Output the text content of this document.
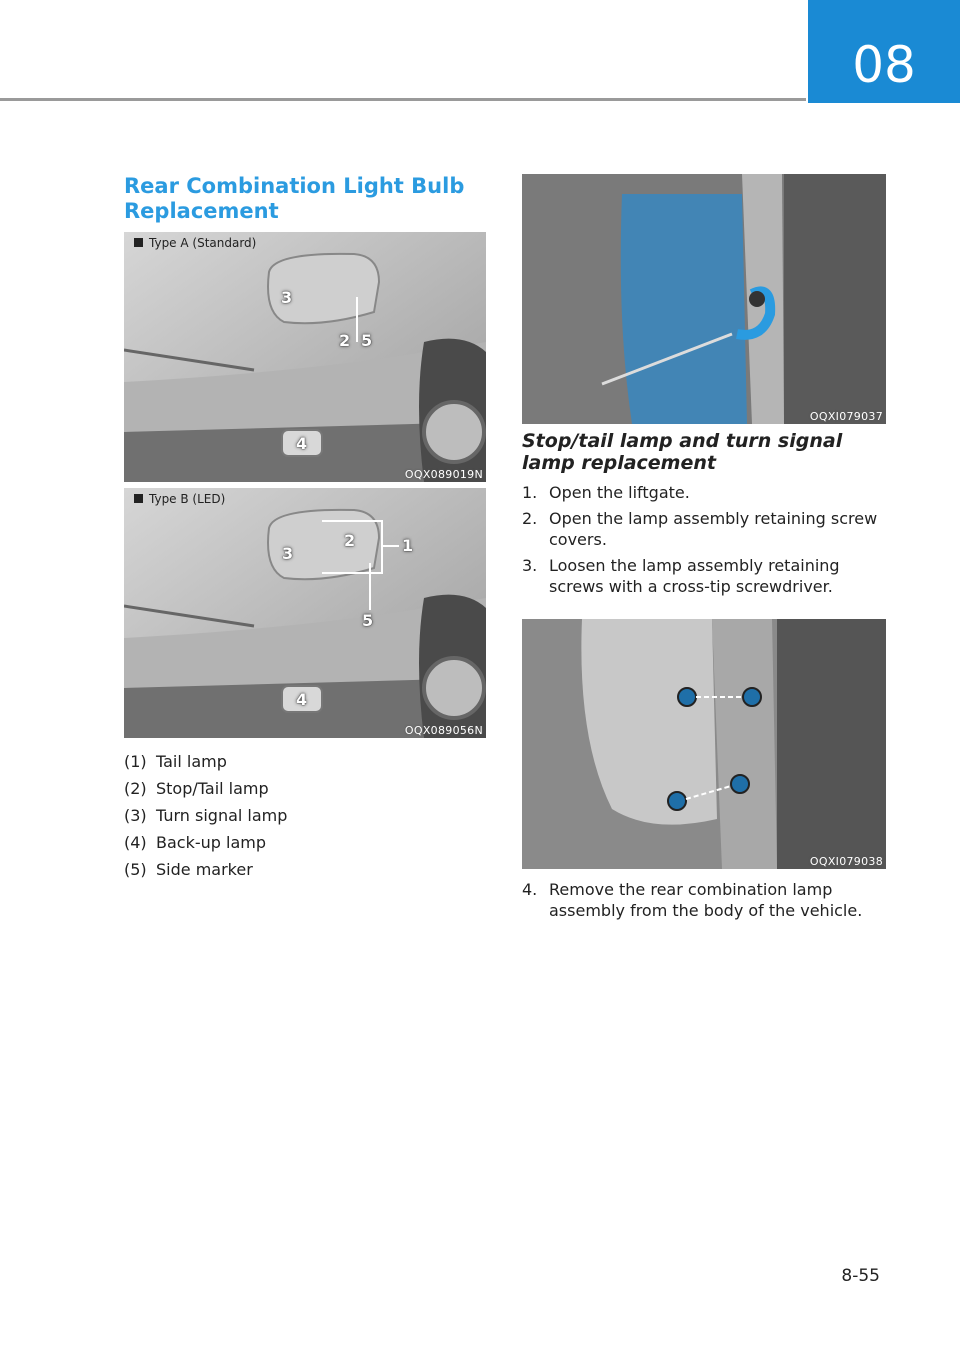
08
Rear Combination Light Bulb Replacement
Type A (Standard)
3
2 5
4
OQX089019N
Type B (LED)
2	1
3
5
4
OQX089056N
(1) Tail lamp
(2) Stop/Tail lamp
(3) Turn signal lamp
(4) Back-up lamp
(5) Side marker
OQXI079037
Stop/tail lamp and turn signal lamp replacement
1. Open the liftgate.
2. Open the lamp assembly retaining screw covers.
3. Loosen the lamp assembly retaining screws with a cross-tip screwdriver.
OQXI079038
4. Remove the rear combination lamp assembly from the body of the vehicle.
8-55
